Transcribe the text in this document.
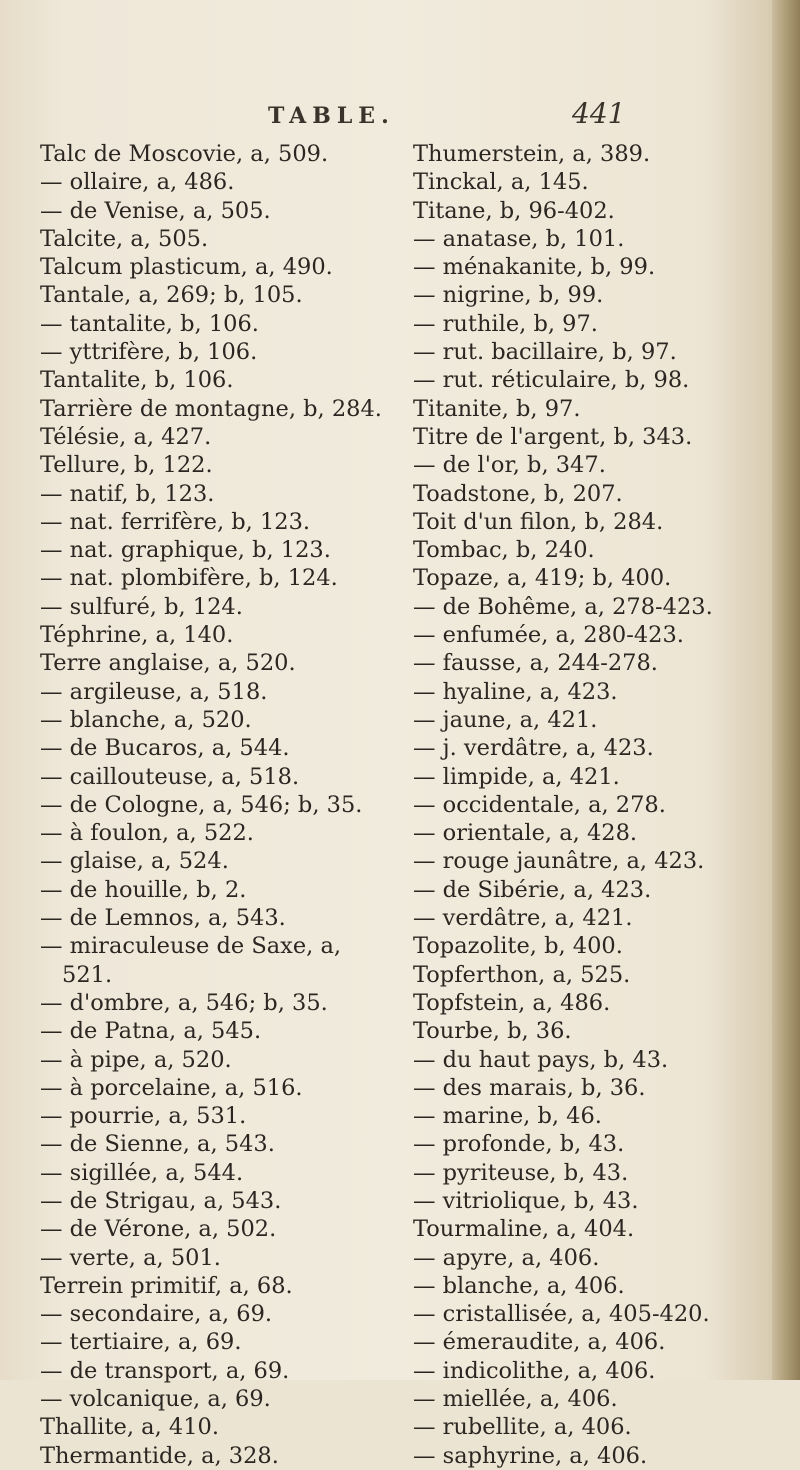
TABLE.	441
Talc de Moscovie, a, 509.
— ollaire, a, 486.
— de Venise, a, 505.
Talcite, a, 505.
Talcum plasticum, a, 490.
Tantale, a, 269; b, 105.
— tantalite, b, 106.
— yttrifère, b, 106.
Tantalite, b, 106.
Tarrière de montagne, b, 284.
Télésie, a, 427.
Tellure, b, 122.
— natif, b, 123.
— nat. ferrifère, b, 123.
— nat. graphique, b, 123.
— nat. plombifère, b, 124.
— sulfuré, b, 124.
Téphrine, a, 140.
Terre anglaise, a, 520.
— argileuse, a, 518.
— blanche, a, 520.
— de Bucaros, a, 544.
— caillouteuse, a, 518.
— de Cologne, a, 546; b, 35.
— à foulon, a, 522.
— glaise, a, 524.
— de houille, b, 2.
— de Lemnos, a, 543.
— miraculeuse de Saxe, a,
521.
— d'ombre, a, 546; b, 35.
— de Patna, a, 545.
— à pipe, a, 520.
— à porcelaine, a, 516.
— pourrie, a, 531.
— de Sienne, a, 543.
— sigillée, a, 544.
— de Strigau, a, 543.
— de Vérone, a, 502.
— verte, a, 501.
Terrein primitif, a, 68.
— secondaire, a, 69.
— tertiaire, a, 69.
— de transport, a, 69.
— volcanique, a, 69.
Thallite, a, 410.
Thermantide, a, 328.
Thumerstein, a, 389.
Tinckal, a, 145.
Titane, b, 96-402.
— anatase, b, 101.
— ménakanite, b, 99.
— nigrine, b, 99.
— ruthile, b, 97.
— rut. bacillaire, b, 97.
— rut. réticulaire, b, 98.
Titanite, b, 97.
Titre de l'argent, b, 343.
— de l'or, b, 347.
Toadstone, b, 207.
Toit d'un filon, b, 284.
Tombac, b, 240.
Topaze, a, 419; b, 400.
— de Bohême, a, 278-423.
— enfumée, a, 280-423.
— fausse, a, 244-278.
— hyaline, a, 423.
— jaune, a, 421.
— j. verdâtre, a, 423.
— limpide, a, 421.
— occidentale, a, 278.
— orientale, a, 428.
— rouge jaunâtre, a, 423.
— de Sibérie, a, 423.
— verdâtre, a, 421.
Topazolite, b, 400.
Topferthon, a, 525.
Topfstein, a, 486.
Tourbe, b, 36.
— du haut pays, b, 43.
— des marais, b, 36.
— marine, b, 46.
— profonde, b, 43.
— pyriteuse, b, 43.
— vitriolique, b, 43.
Tourmaline, a, 404.
— apyre, a, 406.
— blanche, a, 406.
— cristallisée, a, 405-420.
— émeraudite, a, 406.
— indicolithe, a, 406.
— miellée, a, 406.
— rubellite, a, 406.
— saphyrine, a, 406.
